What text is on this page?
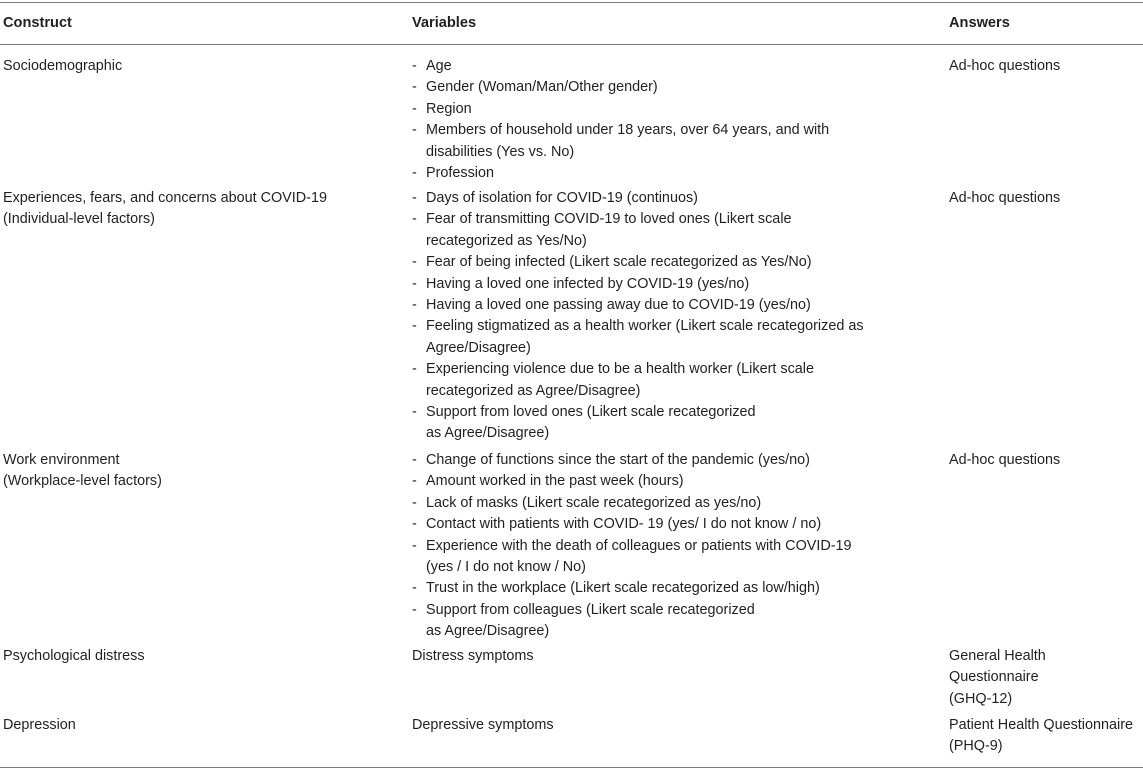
Construct	Variables	Answers
Sociodemographic
-	Age
- Gender (Woman/Man/Other gender)
- Region
- Members of household under 18 years, over 64 years, and with
disabilities (Yes vs. No)
- Profession
Ad-hoc questions
Experiences, fears, and concerns about COVID-19
(Individual-level factors)
- Days of isolation for COVID-19 (continuos)
- Fear of transmitting COVID-19 to loved ones (Likert scale
recategorized as Yes/No)
- Fear of being infected (Likert scale recategorized as Yes/No)
- Having a loved one infected by COVID-19 (yes/no)
- Having a loved one passing away due to COVID-19 (yes/no)
- Feeling stigmatized as a health worker (Likert scale recategorized as
Agree/Disagree)
- Experiencing violence due to be a health worker (Likert scale
recategorized as Agree/Disagree)
- Support from loved ones (Likert scale recategorized
as Agree/Disagree)
Ad-hoc questions
Work environment
(Workplace-level factors)
- Change of functions since the start of the pandemic (yes/no)
- Amount worked in the past week (hours)
- Lack of masks (Likert scale recategorized as yes/no)
- Contact with patients with COVID- 19 (yes/ I do not know / no)
- Experience with the death of colleagues or patients with COVID-19
(yes / I do not know / No)
- Trust in the workplace (Likert scale recategorized as low/high)
- Support from colleagues (Likert scale recategorized
as Agree/Disagree)
Ad-hoc questions
Psychological distress	Distress symptoms	General Health
Questionnaire
(GHQ-12)
Depression	Depressive symptoms	Patient Health Questionnaire
(PHQ-9)
